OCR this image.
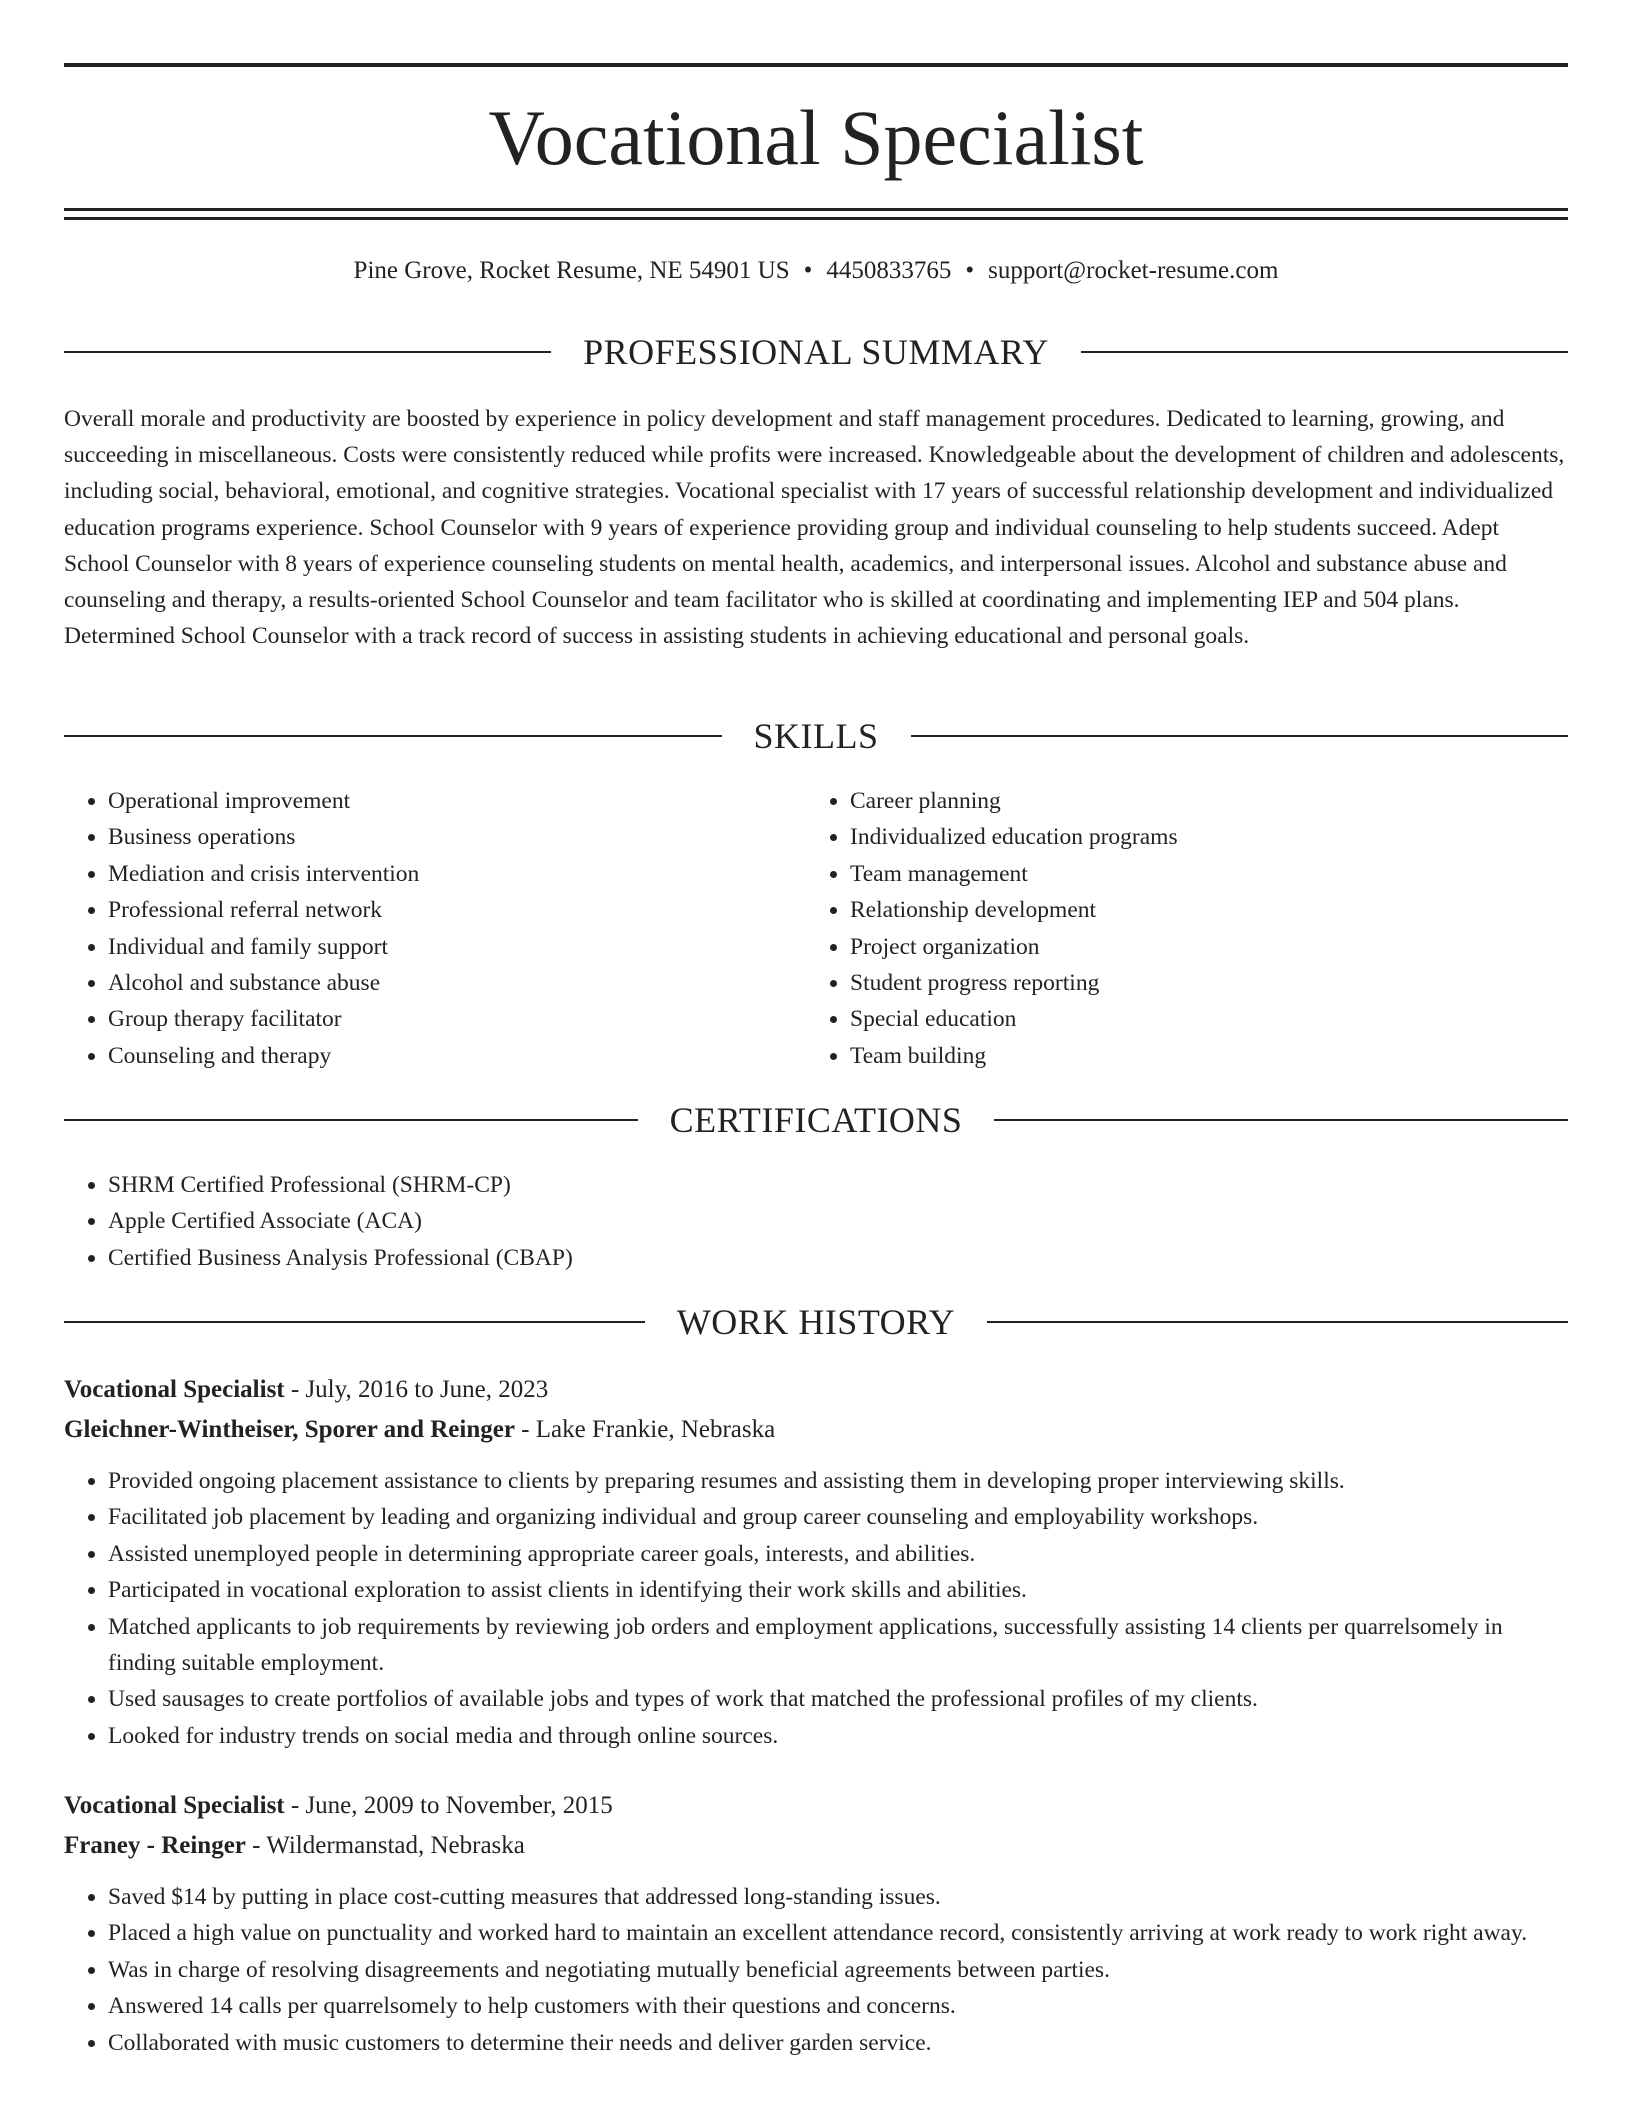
Vocational Specialist
Pine Grove, Rocket Resume, NE 54901 US • 4450833765 • support@rocket-resume.com
PROFESSIONAL SUMMARY

Overall morale and productivity are boosted by experience in policy development and staff management procedures. Dedicated to learning, growing, and succeeding in miscellaneous. Costs were consistently reduced while profits were increased. Knowledgeable about the development of children and adolescents, including social, behavioral, emotional, and cognitive strategies. Vocational specialist with 17 years of successful relationship development and individualized education programs experience. School Counselor with 9 years of experience providing group and individual counseling to help students succeed. Adept School Counselor with 8 years of experience counseling students on mental health, academics, and interpersonal issues. Alcohol and substance abuse and counseling and therapy, a results-oriented School Counselor and team facilitator who is skilled at coordinating and implementing IEP and 504 plans. Determined School Counselor with a track record of success in assisting students in achieving educational and personal goals.

SKILLS
• Operational improvement
• Business operations
• Mediation and crisis intervention
• Professional referral network
• Individual and family support
• Alcohol and substance abuse
• Group therapy facilitator
• Counseling and therapy
• Career planning
• Individualized education programs
• Team management
• Relationship development
• Project organization
• Student progress reporting
• Special education
• Team building
CERTIFICATIONS
• SHRM Certified Professional (SHRM-CP)
• Apple Certified Associate (ACA)
• Certified Business Analysis Professional (CBAP)
WORK HISTORY
Vocational Specialist - July, 2016 to June, 2023
Gleichner-Wintheiser, Sporer and Reinger - Lake Frankie, Nebraska
• Provided ongoing placement assistance to clients by preparing resumes and assisting them in developing proper interviewing skills.
• Facilitated job placement by leading and organizing individual and group career counseling and employability workshops.
• Assisted unemployed people in determining appropriate career goals, interests, and abilities.
• Participated in vocational exploration to assist clients in identifying their work skills and abilities.
• Matched applicants to job requirements by reviewing job orders and employment applications, successfully assisting 14 clients per quarrelsomely in finding suitable employment.
• Used sausages to create portfolios of available jobs and types of work that matched the professional profiles of my clients.
• Looked for industry trends on social media and through online sources.
Vocational Specialist - June, 2009 to November, 2015
Franey - Reinger - Wildermanstad, Nebraska
• Saved $14 by putting in place cost-cutting measures that addressed long-standing issues.
• Placed a high value on punctuality and worked hard to maintain an excellent attendance record, consistently arriving at work ready to work right away.
• Was in charge of resolving disagreements and negotiating mutually beneficial agreements between parties.
• Answered 14 calls per quarrelsomely to help customers with their questions and concerns.
• Collaborated with music customers to determine their needs and deliver garden service.
